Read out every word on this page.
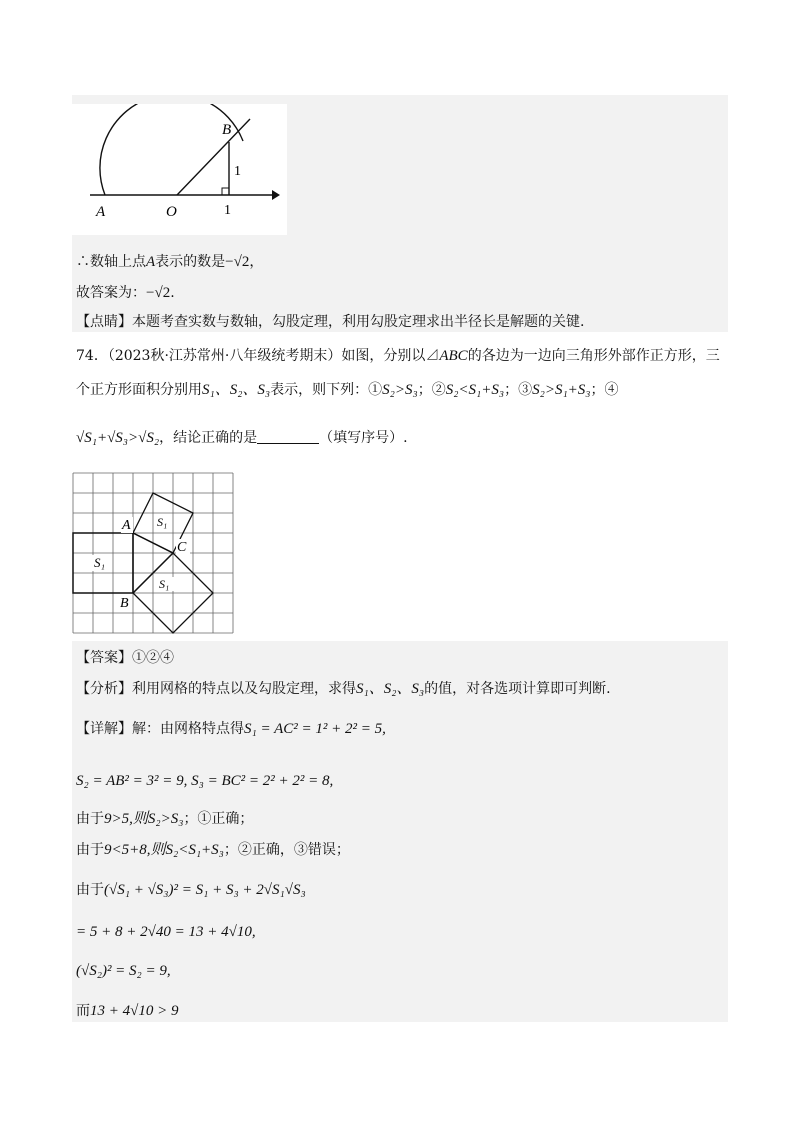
A	O
B
1
1
∴数轴上点A表示的数是−√2，
故答案为：−√2.
【点睛】本题考查实数与数轴，勾股定理，利用勾股定理求出半径长是解题的关键.
74．（2023秋·江苏常州·八年级统考期末）如图，分别以⊿ABC的各边为一边向三角形外部作正方形，三
个正方形面积分别用S₁、S₂、S₃表示，则下列：①S₂>S₃；②S₂<S₁+S₃；③S₂>S₁+S₃；④
√S₁+√S₃>√S₂，结论正确的是	（填写序号）.
A
B
C
S₁
S₁
S₁
【答案】①②④
【分析】利用网格的特点以及勾股定理，求得S₁、S₂、S₃的值，对各选项计算即可判断.
【详解】解：由网格特点得S₁ = AC² = 1² + 2² = 5,
S₂ = AB² = 3² = 9, S₃ = BC² = 2² + 2² = 8,
由于9>5,则S₂>S₃；①正确；
由于9<5+8,则S₂<S₁+S₃；②正确，③错误；
由于(√S₁ + √S₃)² = S₁ + S₃ + 2√S₁√S₃
= 5 + 8 + 2√40 = 13 + 4√10,
(√S₂)² = S₂ = 9,
而13 + 4√10 > 9
